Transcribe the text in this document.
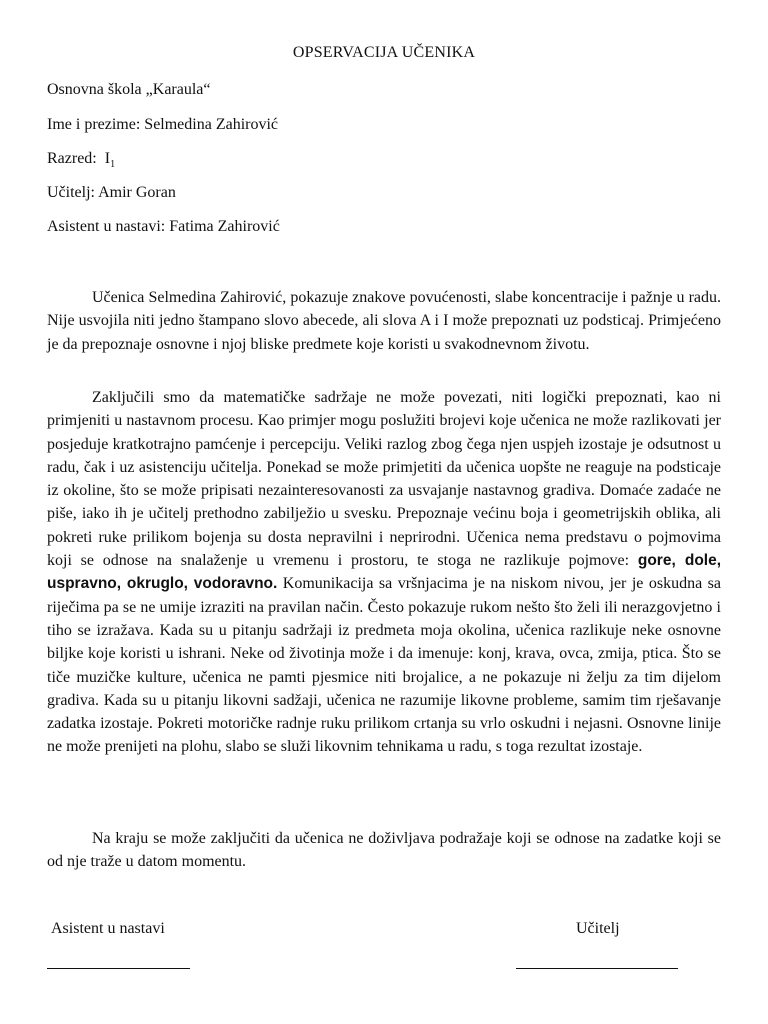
OPSERVACIJA UČENIKA
Osnovna škola „Karaula“
Ime i prezime: Selmedina Zahirović
Razred: $I_1$
Učitelj: Amir Goran
Asistent u nastavi: Fatima Zahirović

Učenica Selmedina Zahirović, pokazuje znakove povućenosti, slabe koncentracije i pažnje u radu. Nije usvojila niti jedno štampano slovo abecede, ali slova A i I može prepoznati uz podsticaj. Primjećeno je da prepoznaje osnovne i njoj bliske predmete koje koristi u svakodnevnom životu.

Zaključili smo da matematičke sadržaje ne može povezati, niti logički prepoznati, kao ni primjeniti u nastavnom procesu. Kao primjer mogu poslužiti brojevi koje učenica ne može razlikovati jer posjeduje kratkotrajno pamćenje i percepciju. Veliki razlog zbog čega njen uspjeh izostaje je odsutnost u radu, čak i uz asistenciju učitelja. Ponekad se može primjetiti da učenica uopšte ne reaguje na podsticaje iz okoline, što se može pripisati nezainteresovanosti za usvajanje nastavnog gradiva. Domaće zadaće ne piše, iako ih je učitelj prethodno zabilježio u svesku. Prepoznaje većinu boja i geometrijskih oblika, ali pokreti ruke prilikom bojenja su dosta nepravilni i neprirodni. Učenica nema predstavu o pojmovima koji se odnose na snalaženje u vremenu i prostoru, te stoga ne razlikuje pojmove: gore, dole, uspravno, okruglo, vodoravno. Komunikacija sa vršnjacima je na niskom nivou, jer je oskudna sa riječima pa se ne umije izraziti na pravilan način. Često pokazuje rukom nešto što želi ili nerazgovjetno i tiho se izražava. Kada su u pitanju sadržaji iz predmeta moja okolina, učenica razlikuje neke osnovne biljke koje koristi u ishrani. Neke od životinja može i da imenuje: konj, krava, ovca, zmija, ptica. Što se tiče muzičke kulture, učenica ne pamti pjesmice niti brojalice, a ne pokazuje ni želju za tim dijelom gradiva. Kada su u pitanju likovni sadžaji, učenica ne razumije likovne probleme, samim tim rješavanje zadatka izostaje. Pokreti motoričke radnje ruku prilikom crtanja su vrlo oskudni i nejasni. Osnovne linije ne može prenijeti na plohu, slabo se služi likovnim tehnikama u radu, s toga rezultat izostaje.

Na kraju se može zaključiti da učenica ne doživljava podražaje koji se odnose na zadatke koji se od nje traže u datom momentu.

Asistent u nastavi	Učitelj
